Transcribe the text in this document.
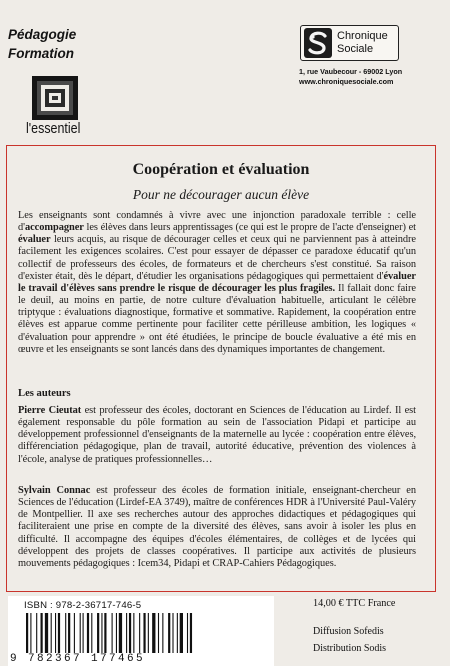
Pédagogie
Formation
l'essentiel
Chronique
Sociale
1, rue Vaubecour - 69002 Lyon
www.chroniquesociale.com
Coopération et évaluation
Pour ne décourager aucun élève
Les enseignants sont condamnés à vivre avec une injonction paradoxale terrible : celle d'accompagner les élèves dans leurs apprentissages (ce qui est le propre de l'acte d'enseigner) et évaluer leurs acquis, au risque de décourager celles et ceux qui ne parviennent pas à atteindre facilement les exigences scolaires. C'est pour essayer de dépasser ce paradoxe éducatif qu'un collectif de professeurs des écoles, de formateurs et de chercheurs s'est constitué. Sa raison d'exister était, dès le départ, d'étudier les organisations pédagogiques qui permettaient d'évaluer le travail d'élèves sans prendre le risque de décourager les plus fragiles. Il fallait donc faire le deuil, au moins en partie, de notre culture d'évaluation habituelle, articulant le célèbre triptyque : évaluations diagnostique, formative et sommative. Rapidement, la coopération entre élèves est apparue comme pertinente pour faciliter cette périlleuse ambition, les logiques « d'évaluation pour apprendre » ont été étudiées, le principe de boucle évaluative a été mis en œuvre et les enseignants se sont lancés dans des dynamiques importantes de changement.
Les auteurs
Pierre Cieutat est professeur des écoles, doctorant en Sciences de l'éducation au Lirdef. Il est également responsable du pôle formation au sein de l'association Pidapi et participe au développement professionnel d'enseignants de la maternelle au lycée : coopération entre élèves, différenciation pédagogique, plan de travail, autorité éducative, prévention des violences à l'école, analyse de pratiques professionnelles…
Sylvain Connac est professeur des écoles de formation initiale, enseignant-chercheur en Sciences de l'éducation (Lirdef-EA 3749), maître de conférences HDR à l'Université Paul-Valéry de Montpellier. Il axe ses recherches autour des approches didactiques et pédagogiques qui faciliteraient une prise en compte de la diversité des élèves, sans avoir à isoler les plus en difficulté. Il accompagne des équipes d'écoles élémentaires, de collèges et de lycées qui développent des projets de classes coopératives. Il participe aux activités de plusieurs mouvements pédagogiques : Icem34, Pidapi et CRAP-Cahiers Pédagogiques.
ISBN : 978-2-36717-746-5
9 782367 177465
14,00 € TTC France
Diffusion Sofedis
Distribution Sodis
